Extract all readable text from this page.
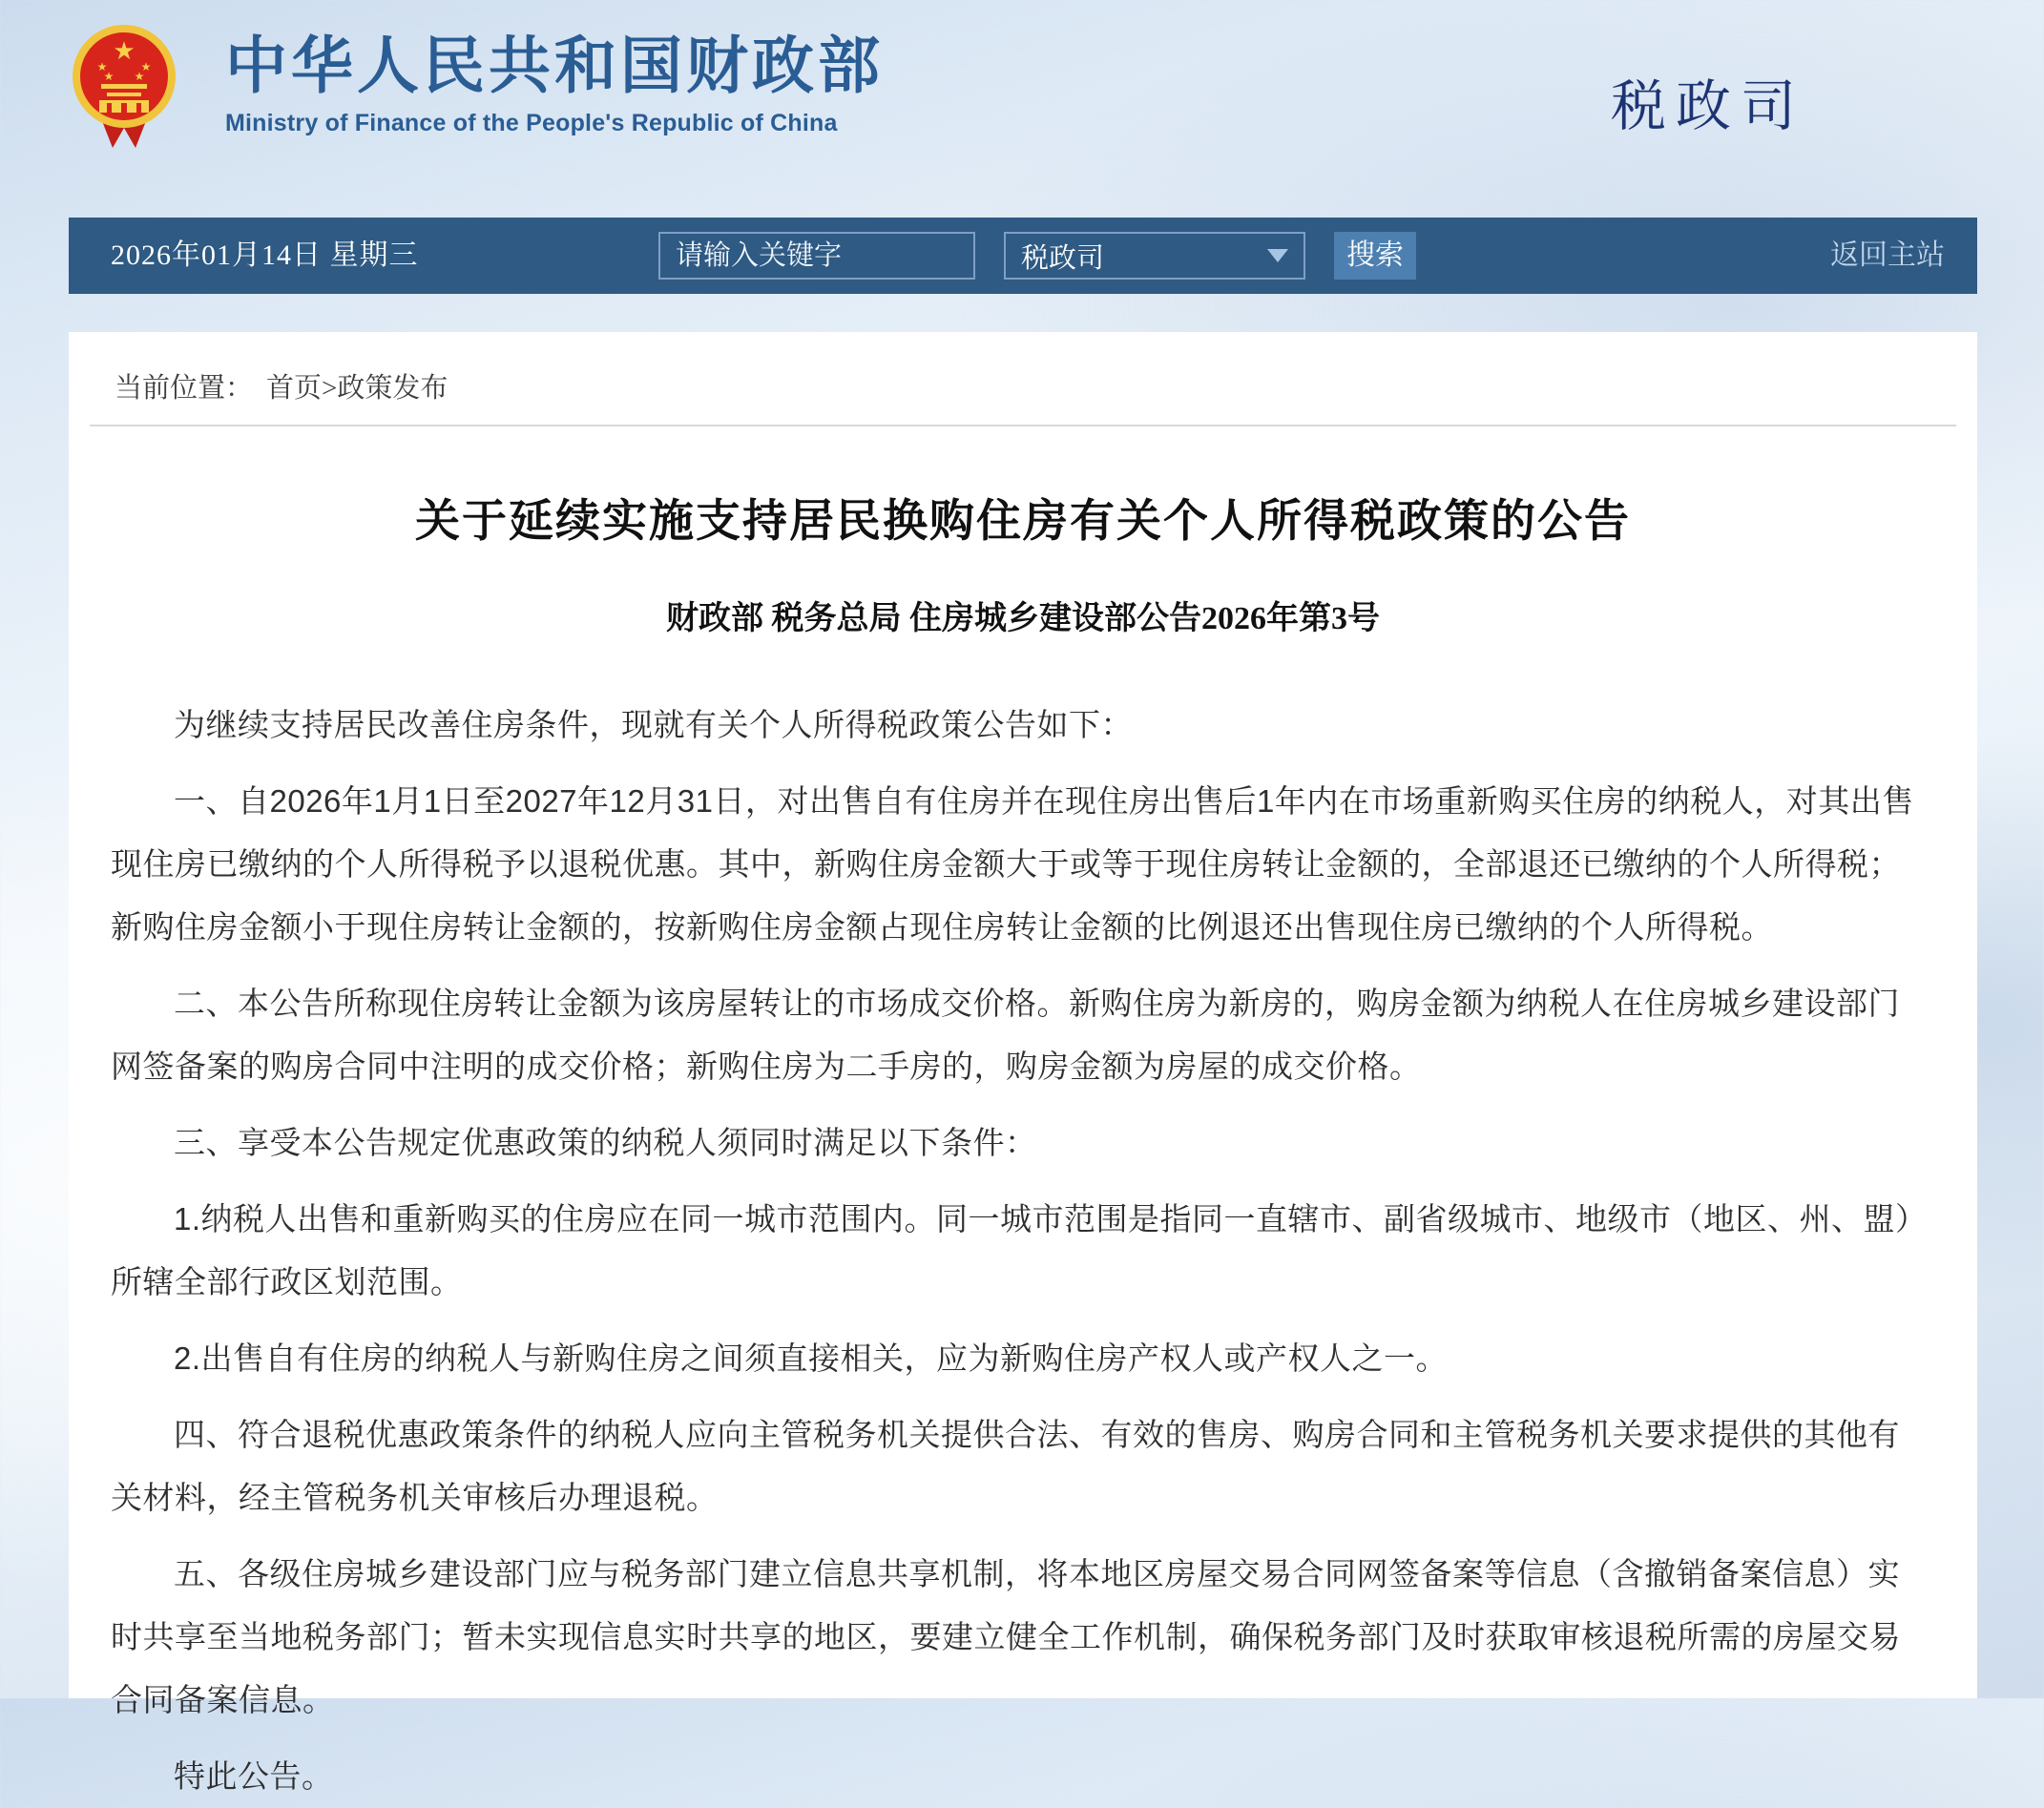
★
★	★
★ ★ 中华人民共和国财政部
Ministry of Finance of the People's Republic of China	税政司
2026年01月14日 星期三
请输入关键字	税政司	搜索	返回主站
当前位置： 首页>政策发布
关于延续实施支持居民换购住房有关个人所得税政策的公告
财政部 税务总局 住房城乡建设部公告2026年第3号

为继续支持居民改善住房条件，现就有关个人所得税政策公告如下：

一、自2026年1月1日至2027年12月31日，对出售自有住房并在现住房出售后1年内在市场重新购买住房的纳税人，对其出售现住房已缴纳的个人所得税予以退税优惠。其中，新购住房金额大于或等于现住房转让金额的，全部退还已缴纳的个人所得税；新购住房金额小于现住房转让金额的，按新购住房金额占现住房转让金额的比例退还出售现住房已缴纳的个人所得税。

二、本公告所称现住房转让金额为该房屋转让的市场成交价格。新购住房为新房的，购房金额为纳税人在住房城乡建设部门网签备案的购房合同中注明的成交价格；新购住房为二手房的，购房金额为房屋的成交价格。

三、享受本公告规定优惠政策的纳税人须同时满足以下条件：

1.纳税人出售和重新购买的住房应在同一城市范围内。同一城市范围是指同一直辖市、副省级城市、地级市（地区、州、盟）所辖全部行政区划范围。

2.出售自有住房的纳税人与新购住房之间须直接相关，应为新购住房产权人或产权人之一。

四、符合退税优惠政策条件的纳税人应向主管税务机关提供合法、有效的售房、购房合同和主管税务机关要求提供的其他有关材料，经主管税务机关审核后办理退税。

五、各级住房城乡建设部门应与税务部门建立信息共享机制，将本地区房屋交易合同网签备案等信息（含撤销备案信息）实时共享至当地税务部门；暂未实现信息实时共享的地区，要建立健全工作机制，确保税务部门及时获取审核退税所需的房屋交易合同备案信息。

特此公告。
